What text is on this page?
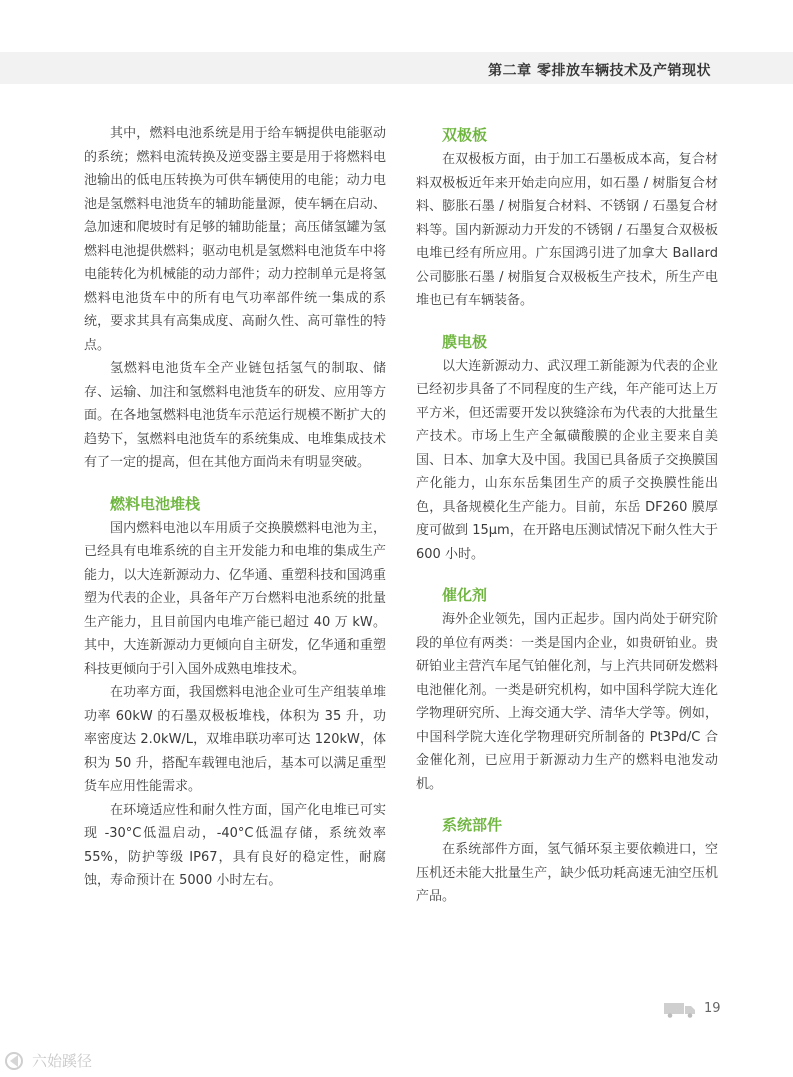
第二章 零排放车辆技术及产销现状

其中，燃料电池系统是用于给车辆提供电能驱动的系统；燃料电流转换及逆变器主要是用于将燃料电池输出的低电压转换为可供车辆使用的电能；动力电池是氢燃料电池货车的辅助能量源，使车辆在启动、急加速和爬坡时有足够的辅助能量；高压储氢罐为氢燃料电池提供燃料；驱动电机是氢燃料电池货车中将电能转化为机械能的动力部件；动力控制单元是将氢燃料电池货车中的所有电气功率部件统一集成的系统，要求其具有高集成度、高耐久性、高可靠性的特点。

氢燃料电池货车全产业链包括氢气的制取、储存、运输、加注和氢燃料电池货车的研发、应用等方面。在各地氢燃料电池货车示范运行规模不断扩大的趋势下，氢燃料电池货车的系统集成、电堆集成技术有了一定的提高，但在其他方面尚未有明显突破。

燃料电池堆栈

国内燃料电池以车用质子交换膜燃料电池为主，已经具有电堆系统的自主开发能力和电堆的集成生产能力，以大连新源动力、亿华通、重塑科技和国鸿重塑为代表的企业，具备年产万台燃料电池系统的批量生产能力，且目前国内电堆产能已超过 40 万 kW。其中，大连新源动力更倾向自主研发，亿华通和重塑科技更倾向于引入国外成熟电堆技术。

在功率方面，我国燃料电池企业可生产组装单堆功率 60kW 的石墨双极板堆栈，体积为 35 升，功率密度达 2.0kW/L，双堆串联功率可达 120kW，体积为 50 升，搭配车载锂电池后，基本可以满足重型货车应用性能需求。

在环境适应性和耐久性方面，国产化电堆已可实现 -30°C低温启动，-40°C低温存储，系统效率 55%，防护等级 IP67，具有良好的稳定性，耐腐蚀，寿命预计在 5000 小时左右。

双极板

在双极板方面，由于加工石墨板成本高，复合材料双极板近年来开始走向应用，如石墨 / 树脂复合材料、膨胀石墨 / 树脂复合材料、不锈钢 / 石墨复合材料等。国内新源动力开发的不锈钢 / 石墨复合双极板电堆已经有所应用。广东国鸿引进了加拿大 Ballard 公司膨胀石墨 / 树脂复合双极板生产技术，所生产电堆也已有车辆装备。

膜电极

以大连新源动力、武汉理工新能源为代表的企业已经初步具备了不同程度的生产线，年产能可达上万平方米，但还需要开发以狭缝涂布为代表的大批量生产技术。市场上生产全氟磺酸膜的企业主要来自美国、日本、加拿大及中国。我国已具备质子交换膜国产化能力，山东东岳集团生产的质子交换膜性能出色，具备规模化生产能力。目前，东岳 DF260 膜厚度可做到 15μm，在开路电压测试情况下耐久性大于 600 小时。

催化剂

海外企业领先，国内正起步。国内尚处于研究阶段的单位有两类：一类是国内企业，如贵研铂业。贵研铂业主营汽车尾气铂催化剂，与上汽共同研发燃料电池催化剂。一类是研究机构，如中国科学院大连化学物理研究所、上海交通大学、清华大学等。例如，中国科学院大连化学物理研究所制备的 Pt3Pd/C 合金催化剂，已应用于新源动力生产的燃料电池发动机。

系统部件

在系统部件方面，氢气循环泵主要依赖进口，空压机还未能大批量生产，缺少低功耗高速无油空压机产品。

19
六始蹊径
